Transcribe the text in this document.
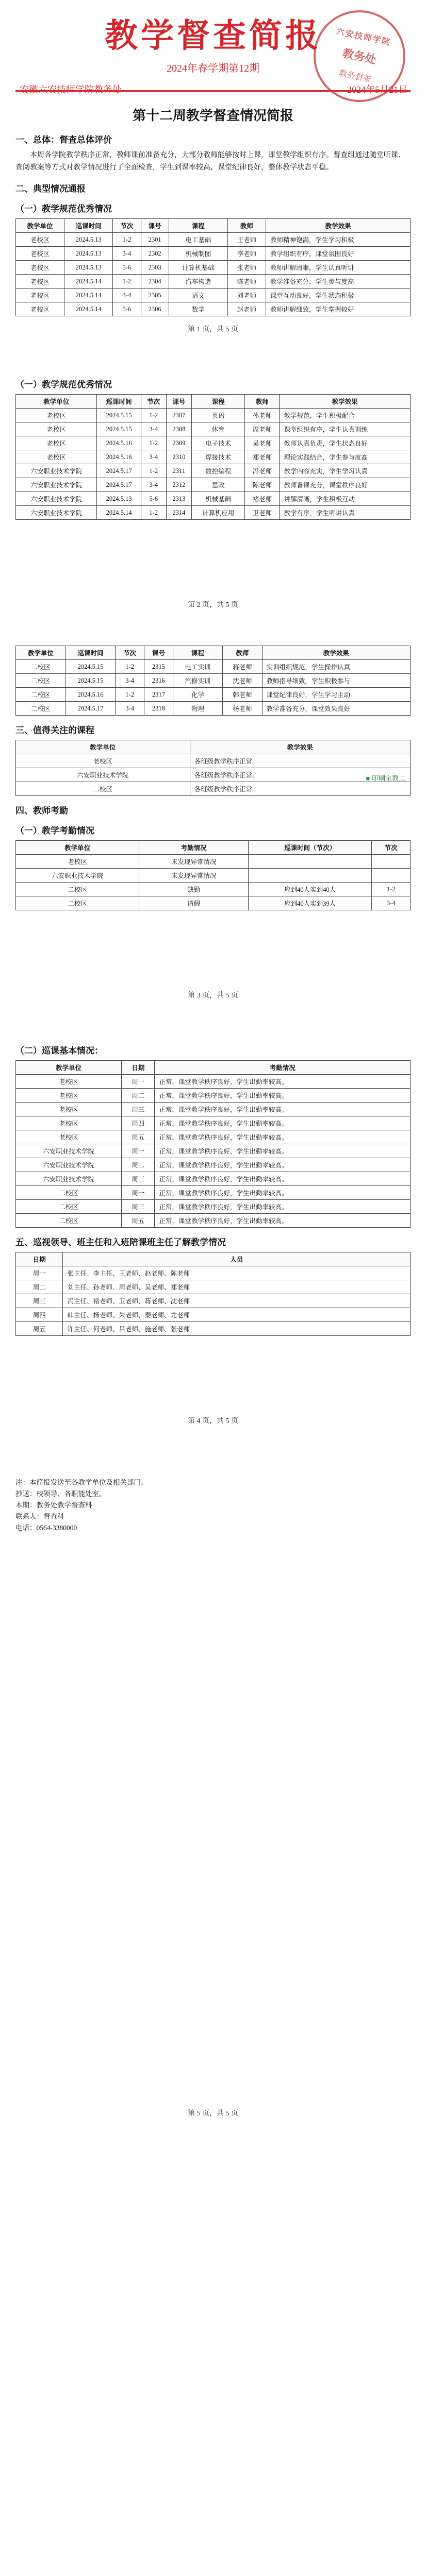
教学督查简报
2024年春学期第12期
六安技师学院
教务处
教务督查
安徽六安技师学院教务处	2024年5月21日
第十二周教学督查情况简报
一、总体：督查总体评价

本周各学院教学秩序正常，教师课前准备充分，大部分教师能够按时上课，课堂教学组织有序。督查组通过随堂听课、查阅教案等方式对教学情况进行了全面检查，学生到课率较高，课堂纪律良好，整体教学状态平稳。

二、典型情况通报
（一）教学规范优秀情况
教学单位	巡课时间	节次	课号	课程	教师	教学效果
老校区	2024.5.13	1-2	2301	电工基础	王老师	教师精神饱满，学生学习积极
老校区	2024.5.13	3-4	2302	机械制图	李老师	教学组织有序，课堂氛围良好
老校区	2024.5.13	5-6	2303	计算机基础	张老师	教师讲解清晰，学生认真听讲
老校区	2024.5.14	1-2	2304	汽车构造	陈老师	教学准备充分，学生参与度高
老校区	2024.5.14	3-4	2305	语文	刘老师	课堂互动良好，学生状态积极
老校区	2024.5.14	5-6	2306	数学	赵老师	教师讲解细致，学生掌握较好
第 1 页，共 5 页
■ 印刷宝教工
（一）教学规范优秀情况
教学单位	巡课时间	节次	课号	课程	教师	教学效果
老校区	2024.5.15	1-2	2307	英语	孙老师	教学规范，学生积极配合
老校区	2024.5.15	3-4	2308	体育	周老师	课堂组织有序，学生认真训练
老校区	2024.5.16	1-2	2309	电子技术	吴老师	教师认真负责，学生状态良好
老校区	2024.5.16	3-4	2310	焊接技术	郑老师	理论实践结合，学生参与度高
六安职业技术学院	2024.5.17	1-2	2311	数控编程	冯老师	教学内容充实，学生学习认真
六安职业技术学院	2024.5.17	3-4	2312	思政	陈老师	教师备课充分，课堂秩序良好
六安职业技术学院	2024.5.13	5-6	2313	机械基础	褚老师	讲解清晰，学生积极互动
六安职业技术学院	2024.5.14	1-2	2314	计算机应用	卫老师	教学有序，学生听讲认真
第 2 页，共 5 页
教学单位	巡课时间	节次	课号	课程	教师	教学效果
二校区	2024.5.15	1-2	2315	电工实训	蒋老师	实训组织规范，学生操作认真
二校区	2024.5.15	3-4	2316	汽修实训	沈老师	教师指导细致，学生积极参与
二校区	2024.5.16	1-2	2317	化学	韩老师	课堂纪律良好，学生学习主动
二校区	2024.5.17	3-4	2318	物理	杨老师	教学准备充分，课堂效果良好
三、值得关注的课程
教学单位	教学效果
老校区	各班级教学秩序正常。
六安职业技术学院	各班级教学秩序正常。
二校区	各班级教学秩序正常。
四、教师考勤
（一）教学考勤情况
教学单位	考勤情况	巡课时间（节次）	节次
老校区	未发现异常情况		
六安职业技术学院	未发现异常情况		
二校区	缺勤	应到40人实到40人	1-2
二校区	请假	应到40人实到39人	3-4
第 3 页，共 5 页
（二）巡课基本情况：
教学单位	日期	考勤情况
老校区	周一	正常，课堂教学秩序良好，学生出勤率较高。
老校区	周二	正常，课堂教学秩序良好，学生出勤率较高。
老校区	周三	正常，课堂教学秩序良好，学生出勤率较高。
老校区	周四	正常，课堂教学秩序良好，学生出勤率较高。
老校区	周五	正常，课堂教学秩序良好，学生出勤率较高。
六安职业技术学院	周一	正常，课堂教学秩序良好，学生出勤率较高。
六安职业技术学院	周二	正常，课堂教学秩序良好，学生出勤率较高。
六安职业技术学院	周三	正常，课堂教学秩序良好，学生出勤率较高。
二校区	周一	正常，课堂教学秩序良好，学生出勤率较高。
二校区	周三	正常，课堂教学秩序良好，学生出勤率较高。
二校区	周五	正常，课堂教学秩序良好，学生出勤率较高。
五、巡视领导、班主任和入班陪课班主任了解教学情况
日期	人员
周一	张主任、李主任、王老师、赵老师、陈老师
周二	刘主任、孙老师、周老师、吴老师、郑老师
周三	冯主任、褚老师、卫老师、蒋老师、沈老师
周四	韩主任、杨老师、朱老师、秦老师、尤老师
周五	许主任、何老师、吕老师、施老师、张老师
第 4 页，共 5 页
注：本简报发送至各教学单位及相关部门。
抄送：校领导、各职能处室。
本期：教务处教学督查科
联系人：督查科
电话：0564-3380000
第 5 页，共 5 页
